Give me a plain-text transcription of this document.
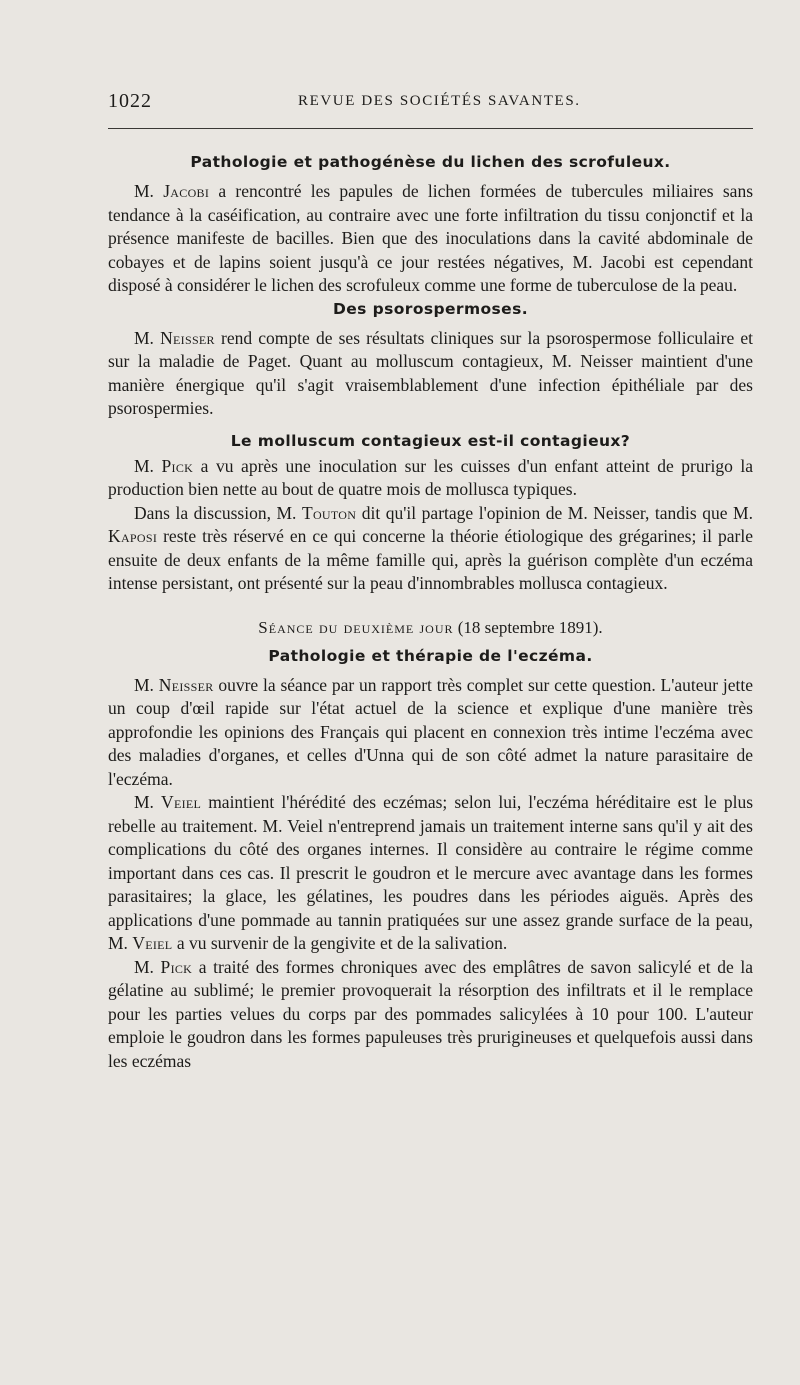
1022	REVUE DES SOCIÉTÉS SAVANTES.
Pathologie et pathogénèse du lichen des scrofuleux.

M. Jacobi a rencontré les papules de lichen formées de tubercules miliaires sans tendance à la caséification, au contraire avec une forte infiltration du tissu conjonctif et la présence manifeste de bacilles. Bien que des inoculations dans la cavité abdominale de cobayes et de lapins soient jusqu'à ce jour restées négatives, M. Jacobi est cependant disposé à considérer le lichen des scrofuleux comme une forme de tuberculose de la peau.

Des psorospermoses.

M. Neisser rend compte de ses résultats cliniques sur la psorospermose folliculaire et sur la maladie de Paget. Quant au molluscum contagieux, M. Neisser maintient d'une manière énergique qu'il s'agit vraisemblablement d'une infection épithéliale par des psorospermies.

Le molluscum contagieux est-il contagieux?

M. Pick a vu après une inoculation sur les cuisses d'un enfant atteint de prurigo la production bien nette au bout de quatre mois de mollusca typiques.

Dans la discussion, M. Touton dit qu'il partage l'opinion de M. Neisser, tandis que M. Kaposi reste très réservé en ce qui concerne la théorie étiologique des grégarines; il parle ensuite de deux enfants de la même famille qui, après la guérison complète d'un eczéma intense persistant, ont présenté sur la peau d'innombrables mollusca contagieux.

Séance du deuxième jour (18 septembre 1891).
Pathologie et thérapie de l'eczéma.

M. Neisser ouvre la séance par un rapport très complet sur cette question. L'auteur jette un coup d'œil rapide sur l'état actuel de la science et explique d'une manière très approfondie les opinions des Français qui placent en connexion très intime l'eczéma avec des maladies d'organes, et celles d'Unna qui de son côté admet la nature parasitaire de l'eczéma.

M. Veiel maintient l'hérédité des eczémas; selon lui, l'eczéma héréditaire est le plus rebelle au traitement. M. Veiel n'entreprend jamais un traitement interne sans qu'il y ait des complications du côté des organes internes. Il considère au contraire le régime comme important dans ces cas. Il prescrit le goudron et le mercure avec avantage dans les formes parasitaires; la glace, les gélatines, les poudres dans les périodes aiguës. Après des applications d'une pommade au tannin pratiquées sur une assez grande surface de la peau, M. Veiel a vu survenir de la gengivite et de la salivation.

M. Pick a traité des formes chroniques avec des emplâtres de savon salicylé et de la gélatine au sublimé; le premier provoquerait la résorption des infiltrats et il le remplace pour les parties velues du corps par des pommades salicylées à 10 pour 100. L'auteur emploie le goudron dans les formes papuleuses très prurigineuses et quelquefois aussi dans les eczémas
